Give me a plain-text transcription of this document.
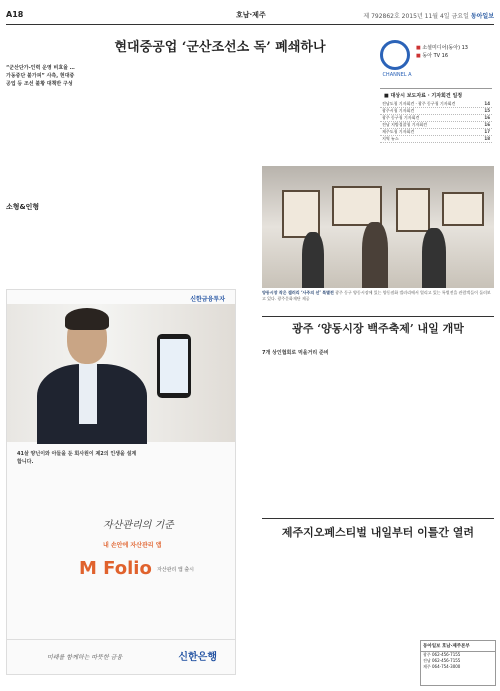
A18	호남·제주	제 792862호 2015년 11월 4일 금요일 동아일보
현대중공업 ‘군산조선소 독’ 폐쇄하나
“군산단가-인력 운영 비효율 … 가동중단 불가피” 사측, 현대중공업 등 조선 불황 대책반 구성
소형&인형
CHANNEL A
■ 소셜미디어(동아) 13
■ 동아 TV 16
■ 대상시 보도자료 · 기자회견 일정
전남도청 기자회견 · 광주 동구청 기자회견	14
광주시청 기자회견	15
광주 동구청 기자회견	16
전남 지방경찰청 기자회견	16
제주도청 기자회견	17
지역 뉴스	18
신한금융투자
41살 양닌이와 아들을 둔 회사원이 제2의 인생을 설계합니다.
자산관리의 기준
내 손안에 자산관리 앱
M Folio 자산관리 앱 출시
미래를 함께하는 따뜻한 금융	신한은행
양동시장 작은 갤러리 ‘사주의 선’ 특별전 광주 동구 양동시장에 있는 양동점화 갤러리에서 열리고 있는 특별전을 관람객들이 둘러보고 있다. 광주문화재단 제공
광주 ‘양동시장 백주축제’ 내일 개막
7개 상인협회로 먹을거리 준비
제주지오페스티벌 내일부터 이틀간 열려
동아일보 호남·제주본부
광주 062-456-7155
전남 062-456-7155
제주 064-754-3000
